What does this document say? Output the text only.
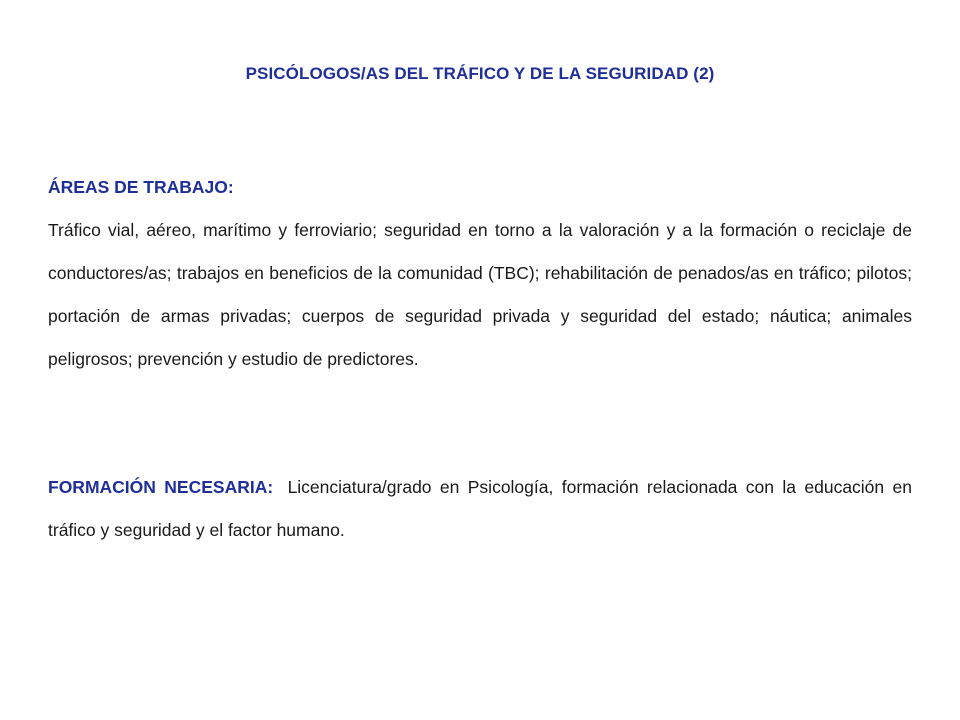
PSICÓLOGOS/AS DEL TRÁFICO Y DE LA SEGURIDAD (2)
ÁREAS DE TRABAJO:
Tráfico vial, aéreo, marítimo y ferroviario; seguridad en torno a la valoración y a la formación o reciclaje de conductores/as; trabajos en beneficios de la comunidad (TBC); rehabilitación de penados/as en tráfico; pilotos; portación de armas privadas; cuerpos de seguridad privada y seguridad del estado; náutica; animales peligrosos; prevención y estudio de predictores.
FORMACIÓN NECESARIA: Licenciatura/grado en Psicología, formación relacionada con la educación en tráfico y seguridad y el factor humano.
